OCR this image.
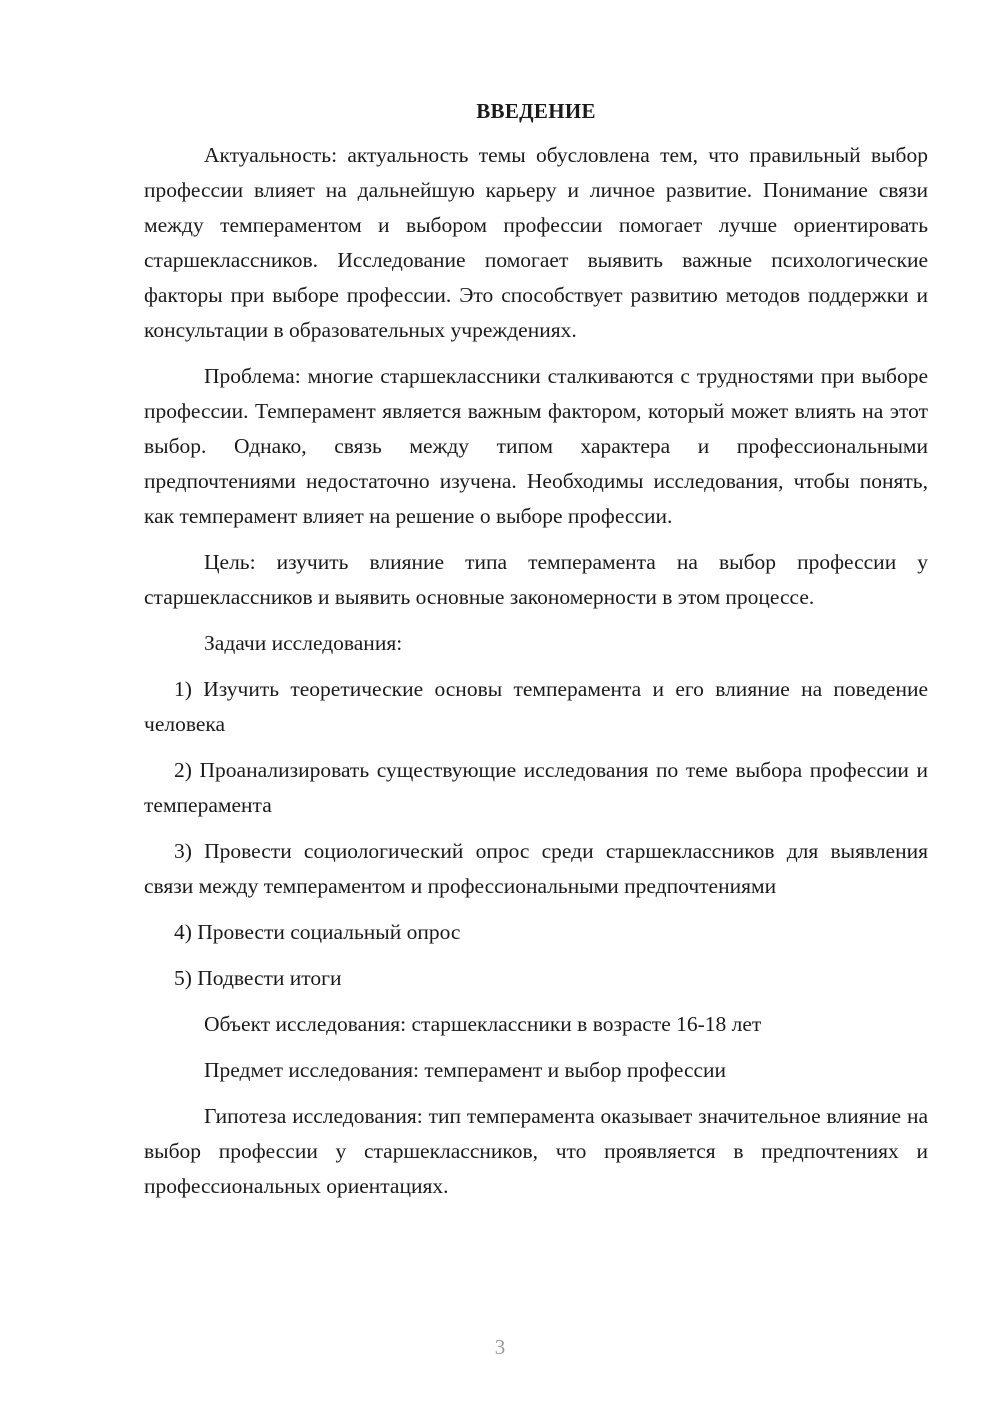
ВВЕДЕНИЕ

Актуальность: актуальность темы обусловлена тем, что правильный выбор профессии влияет на дальнейшую карьеру и личное развитие. Понимание связи между темпераментом и выбором профессии помогает лучше ориентировать старшеклассников. Исследование помогает выявить важные психологические факторы при выборе профессии. Это способствует развитию методов поддержки и консультации в образовательных учреждениях.

Проблема: многие старшеклассники сталкиваются с трудностями при выборе профессии. Темперамент является важным фактором, который может влиять на этот выбор. Однако, связь между типом характера и профессиональными предпочтениями недостаточно изучена. Необходимы исследования, чтобы понять, как темперамент влияет на решение о выборе профессии.

Цель: изучить влияние типа темперамента на выбор профессии у старшеклассников и выявить основные закономерности в этом процессе.

Задачи исследования:

1) Изучить теоретические основы темперамента и его влияние на поведение человека

2) Проанализировать существующие исследования по теме выбора профессии и темперамента

3) Провести социологический опрос среди старшеклассников для выявления связи между темпераментом и профессиональными предпочтениями

4) Провести социальный опрос

5) Подвести итоги

Объект исследования: старшеклассники в возрасте 16-18 лет

Предмет исследования: темперамент и выбор профессии

Гипотеза исследования: тип темперамента оказывает значительное влияние на выбор профессии у старшеклассников, что проявляется в предпочтениях и профессиональных ориентациях.

3
